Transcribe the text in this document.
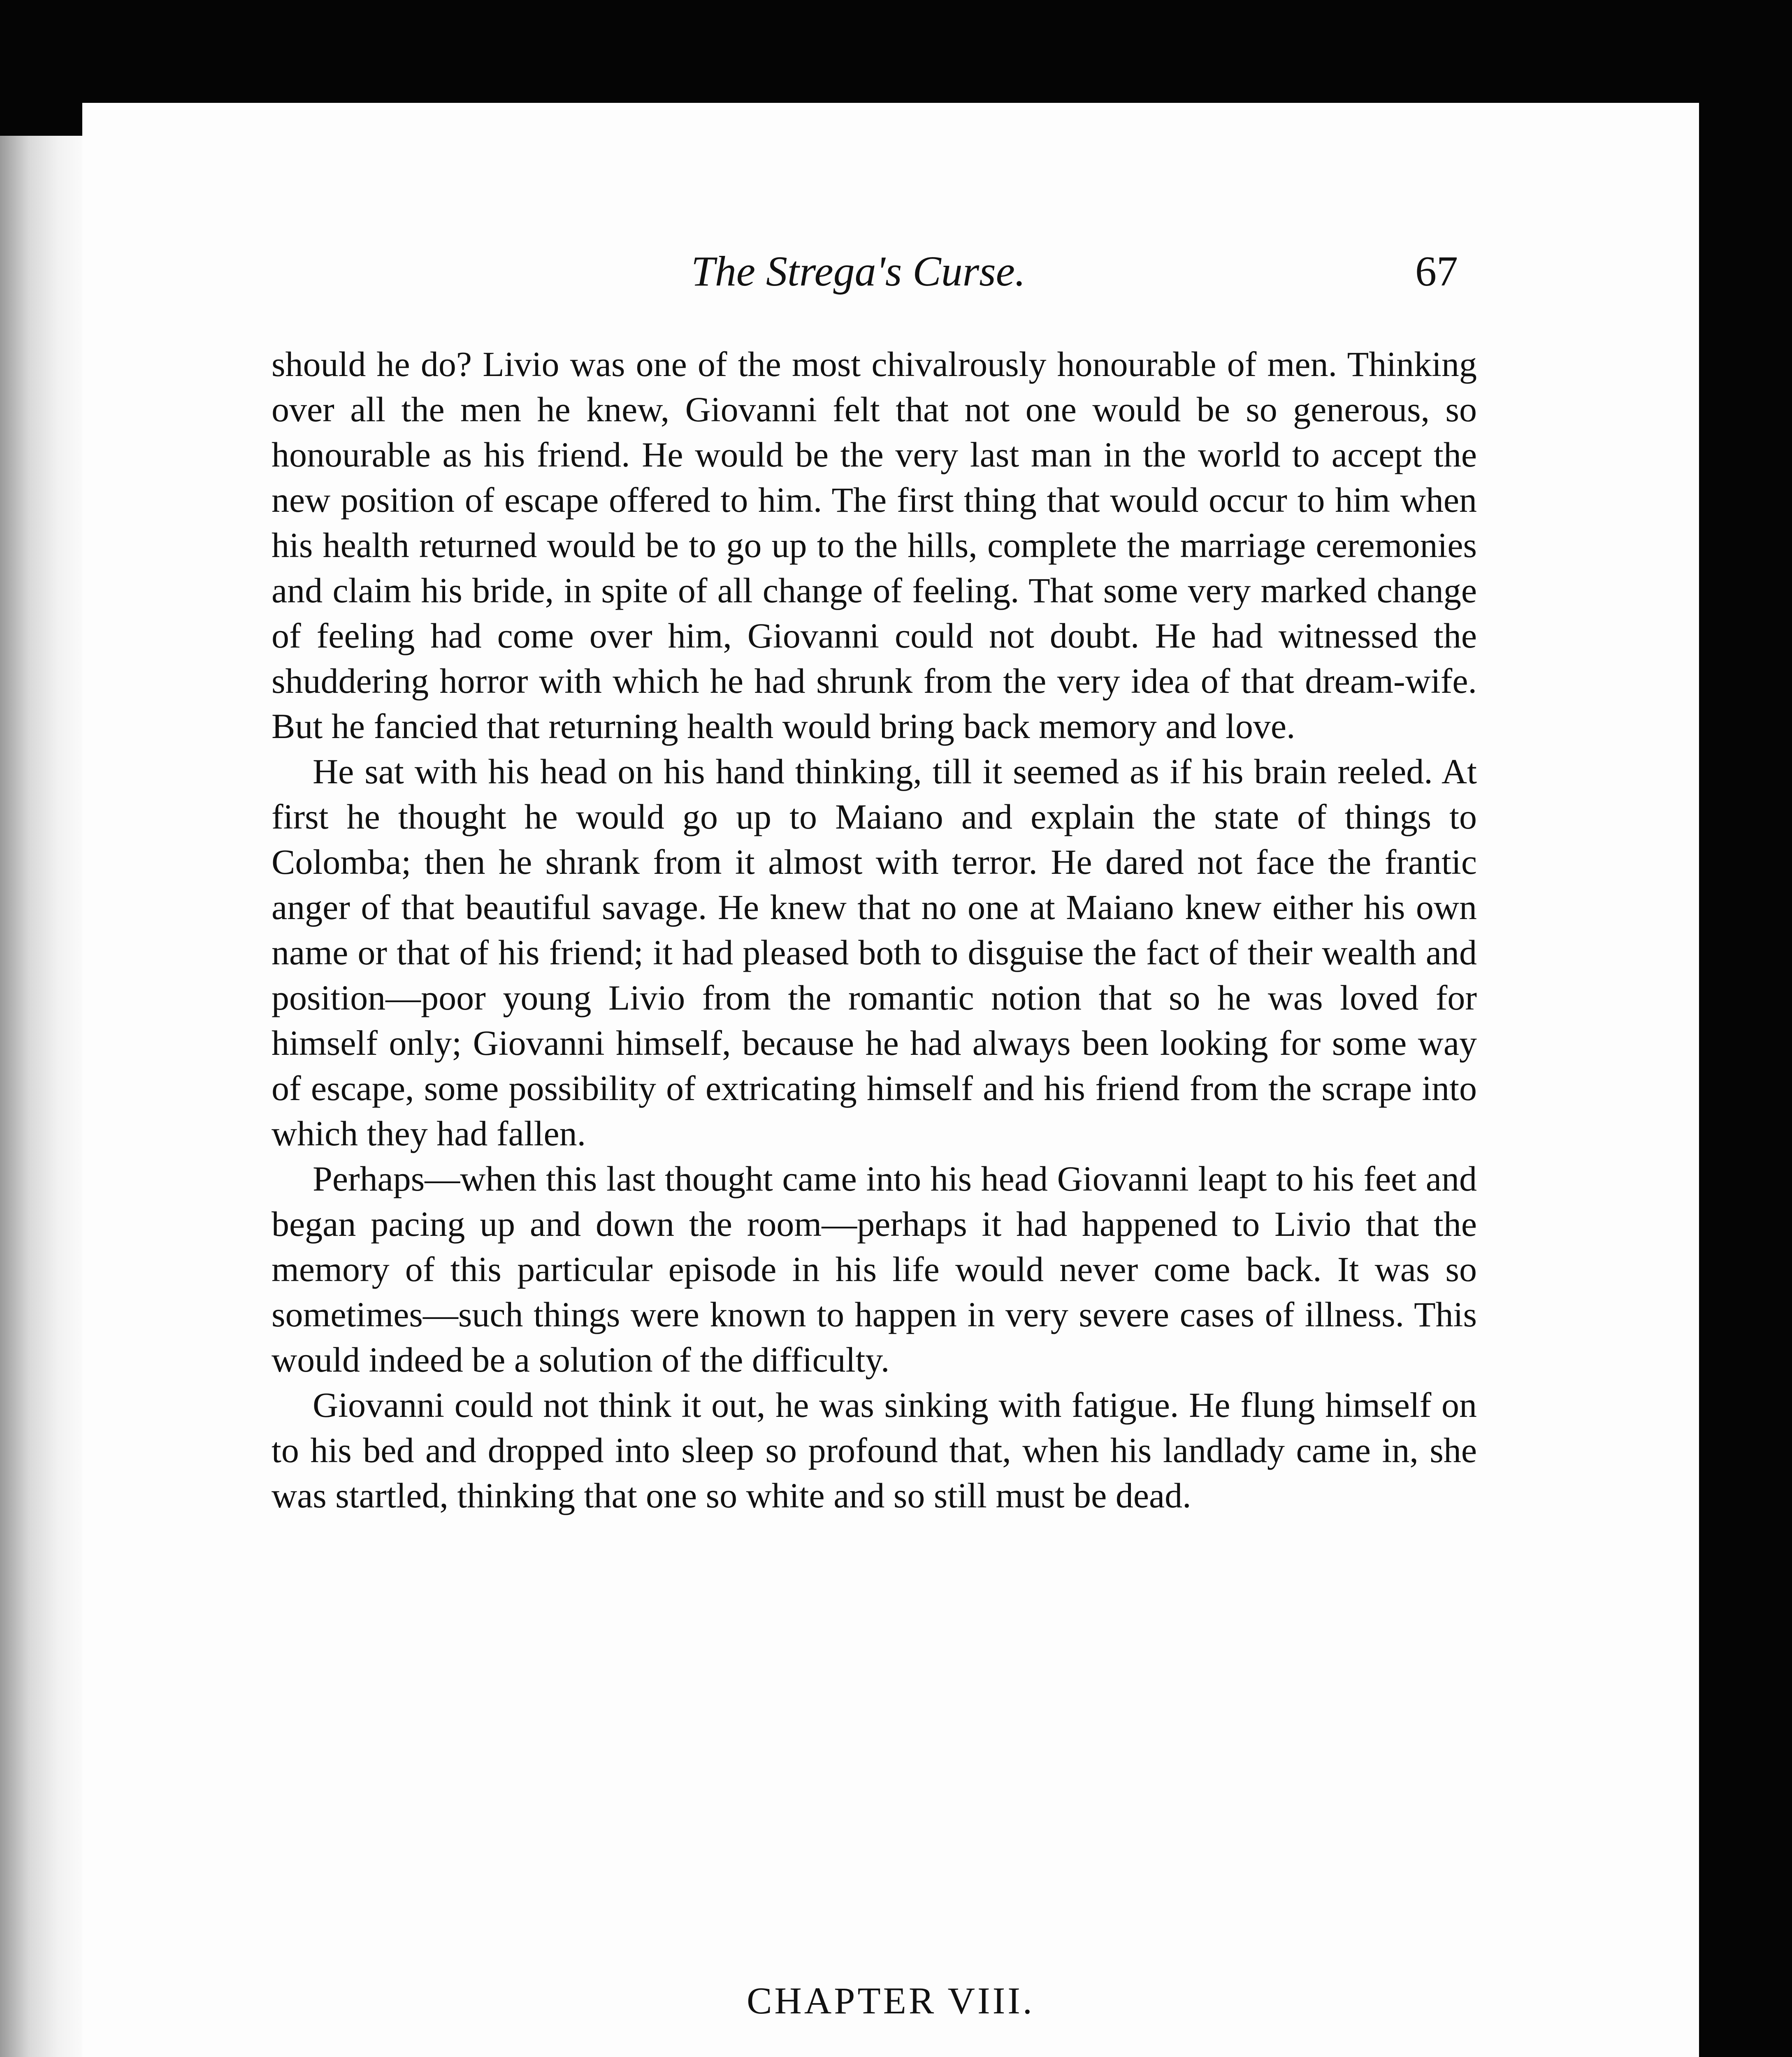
The Strega's Curse.	67

should he do? Livio was one of the most chivalrously honourable of men. Thinking over all the men he knew, Giovanni felt that not one would be so generous, so honourable as his friend. He would be the very last man in the world to accept the new position of escape offered to him. The first thing that would occur to him when his health returned would be to go up to the hills, complete the marriage ceremonies and claim his bride, in spite of all change of feeling. That some very marked change of feeling had come over him, Giovanni could not doubt. He had witnessed the shuddering horror with which he had shrunk from the very idea of that dream-wife. But he fancied that returning health would bring back memory and love.

He sat with his head on his hand thinking, till it seemed as if his brain reeled. At first he thought he would go up to Maiano and explain the state of things to Colomba; then he shrank from it almost with terror. He dared not face the frantic anger of that beautiful savage. He knew that no one at Maiano knew either his own name or that of his friend; it had pleased both to disguise the fact of their wealth and position—poor young Livio from the romantic notion that so he was loved for himself only; Giovanni himself, because he had always been looking for some way of escape, some possibility of extricating himself and his friend from the scrape into which they had fallen.

Perhaps—when this last thought came into his head Giovanni leapt to his feet and began pacing up and down the room—perhaps it had happened to Livio that the memory of this particular episode in his life would never come back. It was so sometimes—such things were known to happen in very severe cases of illness. This would indeed be a solution of the difficulty.

Giovanni could not think it out, he was sinking with fatigue. He flung himself on to his bed and dropped into sleep so profound that, when his landlady came in, she was startled, thinking that one so white and so still must be dead.

CHAPTER VIII.
